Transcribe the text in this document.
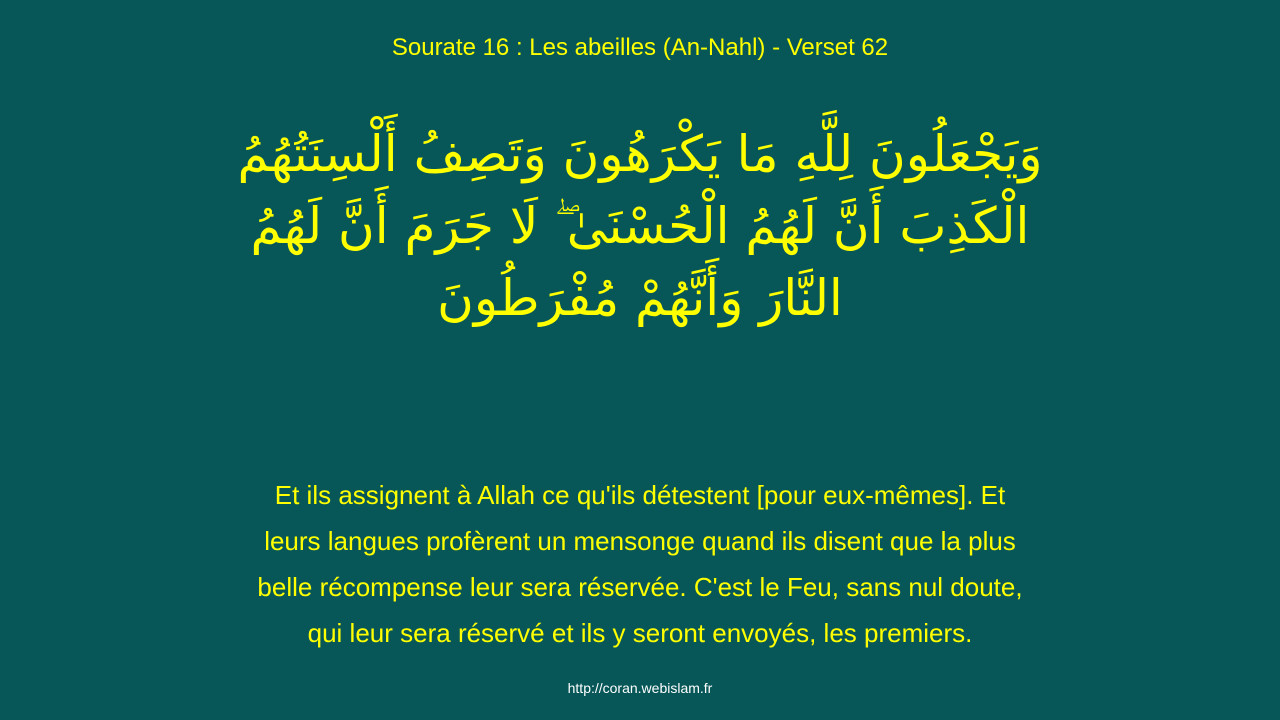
Sourate 16 : Les abeilles (An-Nahl) - Verset 62
وَيَجْعَلُونَ لِلَّهِ مَا يَكْرَهُونَ وَتَصِفُ أَلْسِنَتُهُمُ
الْكَذِبَ أَنَّ لَهُمُ الْحُسْنَىٰ ۖ لَا جَرَمَ أَنَّ لَهُمُ
النَّارَ وَأَنَّهُمْ مُفْرَطُونَ
Et ils assignent à Allah ce qu'ils détestent [pour eux-mêmes]. Et
leurs langues profèrent un mensonge quand ils disent que la plus
belle récompense leur sera réservée. C'est le Feu, sans nul doute,
qui leur sera réservé et ils y seront envoyés, les premiers.
http://coran.webislam.fr
